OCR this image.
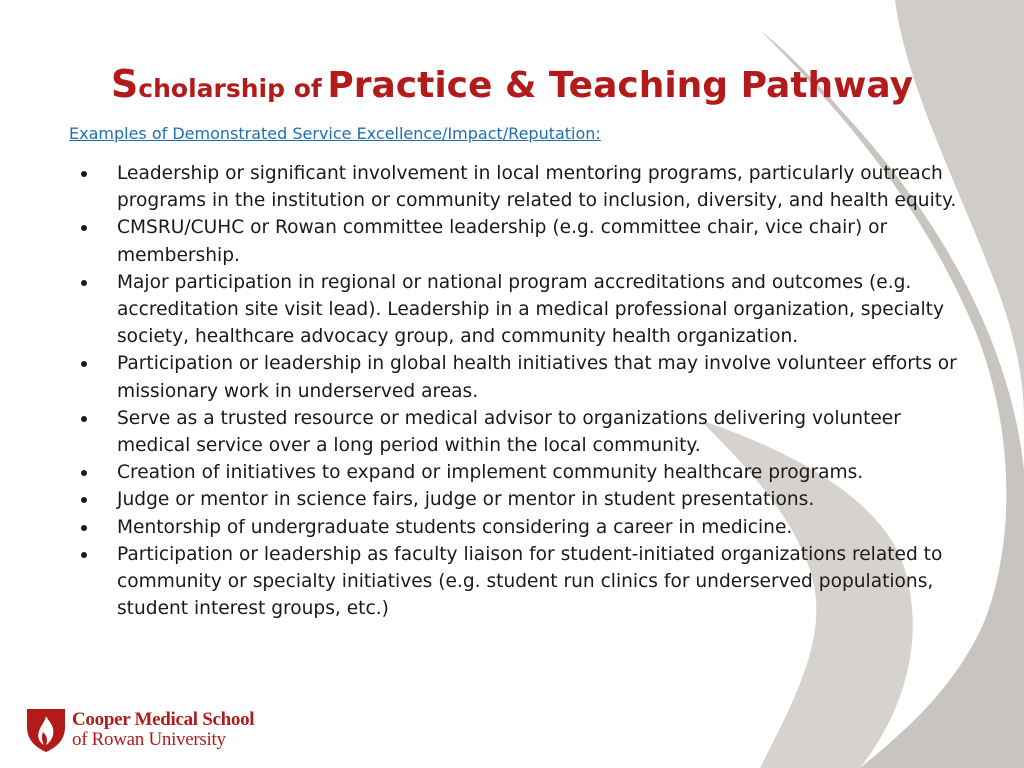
Scholarship of Practice & Teaching Pathway
Examples of Demonstrated Service Excellence/Impact/Reputation:
Leadership or significant involvement in local mentoring programs, particularly outreach programs in the institution or community related to inclusion, diversity, and health equity.
CMSRU/CUHC or Rowan committee leadership (e.g. committee chair, vice chair) or membership.
Major participation in regional or national program accreditations and outcomes (e.g. accreditation site visit lead). Leadership in a medical professional organization, specialty society, healthcare advocacy group, and community health organization.
Participation or leadership in global health initiatives that may involve volunteer efforts or missionary work in underserved areas.
Serve as a trusted resource or medical advisor to organizations delivering volunteer medical service over a long period within the local community.
Creation of initiatives to expand or implement community healthcare programs.
Judge or mentor in science fairs, judge or mentor in student presentations.
Mentorship of undergraduate students considering a career in medicine.
Participation or leadership as faculty liaison for student-initiated organizations related to community or specialty initiatives (e.g. student run clinics for underserved populations, student interest groups, etc.)
Cooper Medical School
of Rowan University
